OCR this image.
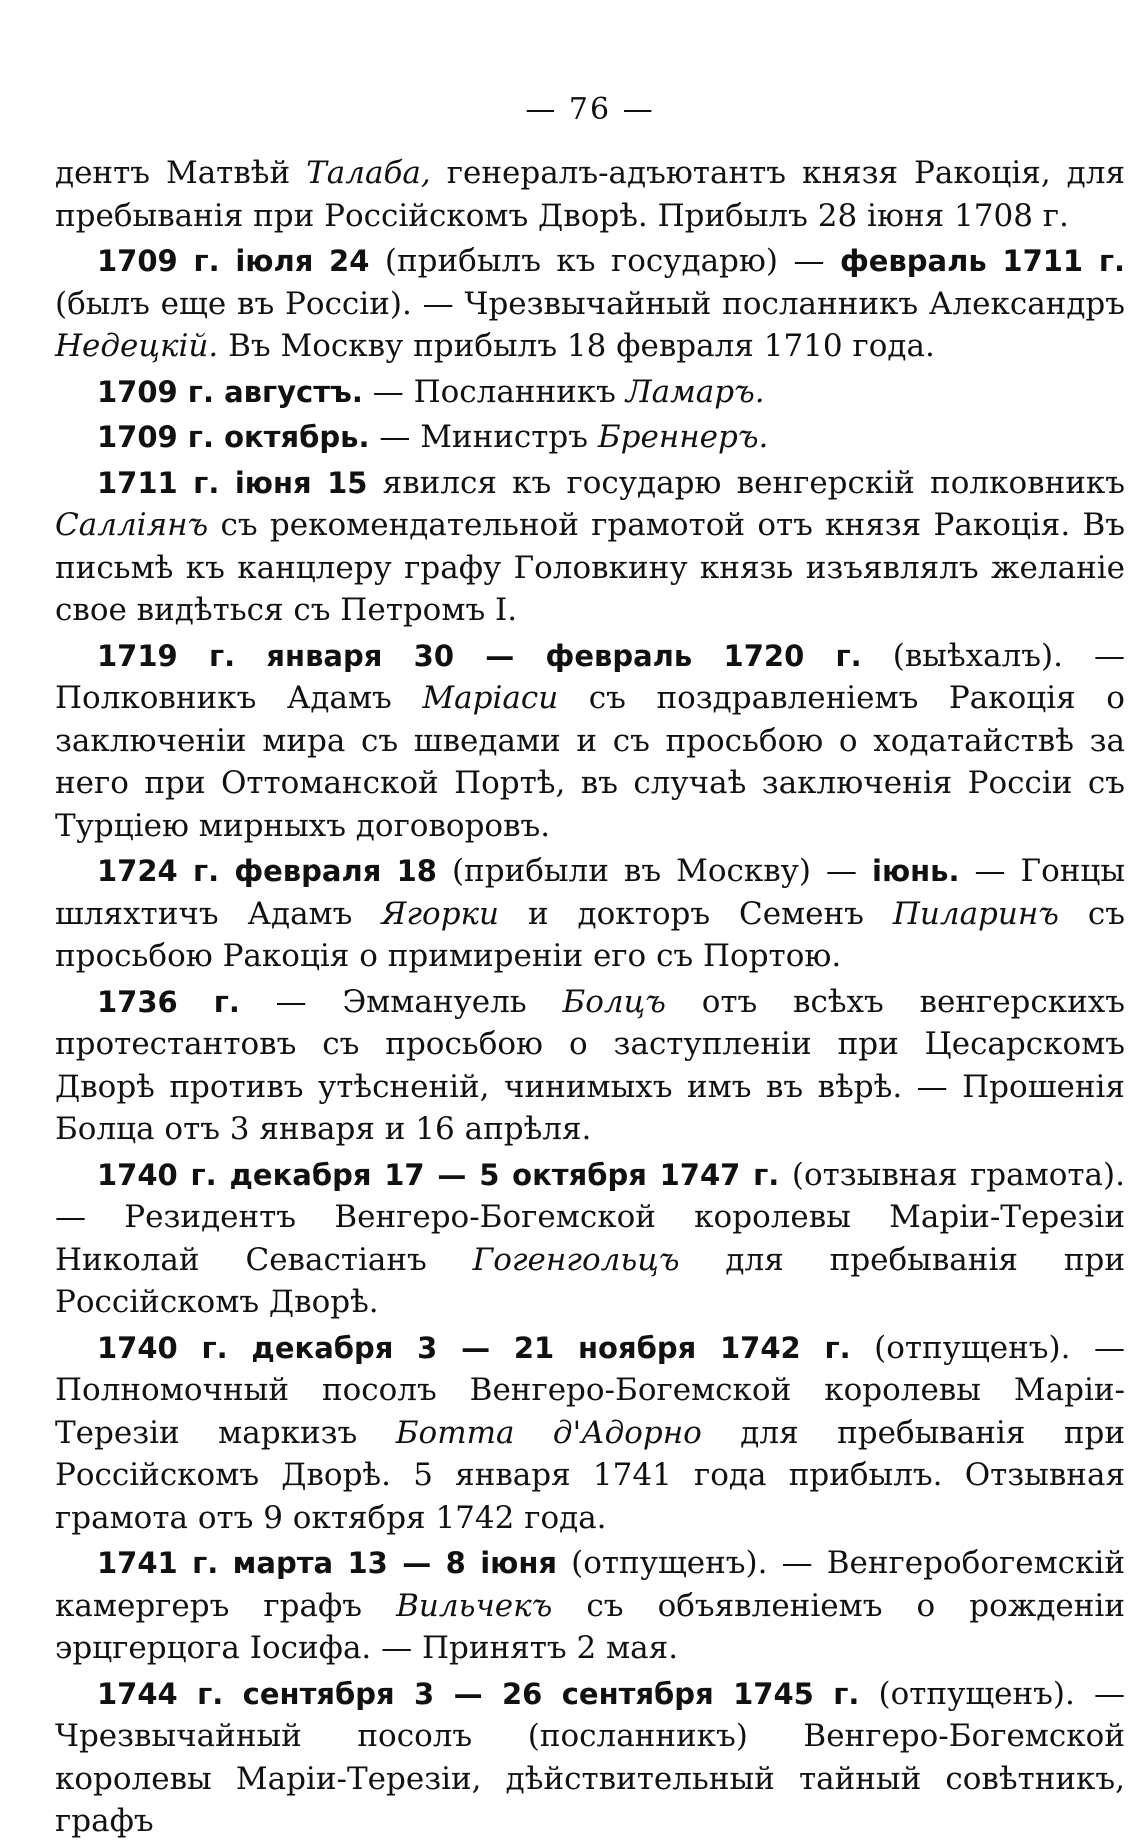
— 76 —

дентъ Матвѣй Талаба, генералъ-адъютантъ князя Ракоція, для пребыванія при Россійскомъ Дворѣ. Прибылъ 28 іюня 1708 г.

1709 г. іюля 24 (прибылъ къ государю) — февраль 1711 г. (былъ еще въ Россіи). — Чрезвычайный посланникъ Александръ Недецкій. Въ Москву прибылъ 18 февраля 1710 года.

1709 г. августъ. — Посланникъ Ламаръ.

1709 г. октябрь. — Министръ Бреннеръ.

1711 г. іюня 15 явился къ государю венгерскій полковникъ Салліянъ съ рекомендательной грамотой отъ князя Ракоція. Въ письмѣ къ канцлеру графу Головкину князь изъявлялъ желаніе свое видѣться съ Петромъ I.

1719 г. января 30 — февраль 1720 г. (выѣхалъ). — Полковникъ Адамъ Маріаси съ поздравленіемъ Ракоція о заключеніи мира съ шведами и съ просьбою о ходатайствѣ за него при Оттоманской Портѣ, въ случаѣ заключенія Россіи съ Турціею мирныхъ договоровъ.

1724 г. февраля 18 (прибыли въ Москву) — іюнь. — Гонцы шляхтичъ Адамъ Ягорки и докторъ Семенъ Пиларинъ съ просьбою Ракоція о примиреніи его съ Портою.

1736 г. — Эммануель Болцъ отъ всѣхъ венгерскихъ протестантовъ съ просьбою о заступленіи при Цесарскомъ Дворѣ противъ утѣсненій, чинимыхъ имъ въ вѣрѣ. — Прошенія Болца отъ 3 января и 16 апрѣля.

1740 г. декабря 17 — 5 октября 1747 г. (отзывная грамота).— Резидентъ Венгеро-Богемской королевы Маріи-Терезіи Николай Севастіанъ Гогенгольцъ для пребыванія при Россійскомъ Дворѣ.

1740 г. декабря 3 — 21 ноября 1742 г. (отпущенъ). — Полномочный посолъ Венгеро-Богемской королевы Маріи-Терезіи маркизъ Ботта д'Адорно для пребыванія при Россійскомъ Дворѣ. 5 января 1741 года прибылъ. Отзывная грамота отъ 9 октября 1742 года.

1741 г. марта 13 — 8 іюня (отпущенъ). — Венгеробогемскій камергеръ графъ Вильчекъ съ объявленіемъ о рожденіи эрцгерцога Іосифа. — Принятъ 2 мая.

1744 г. сентября 3 — 26 сентября 1745 г. (отпущенъ). — Чрезвычайный посолъ (посланникъ) Венгеро-Богемской королевы Маріи-Терезіи, дѣйствительный тайный совѣтникъ, графъ
